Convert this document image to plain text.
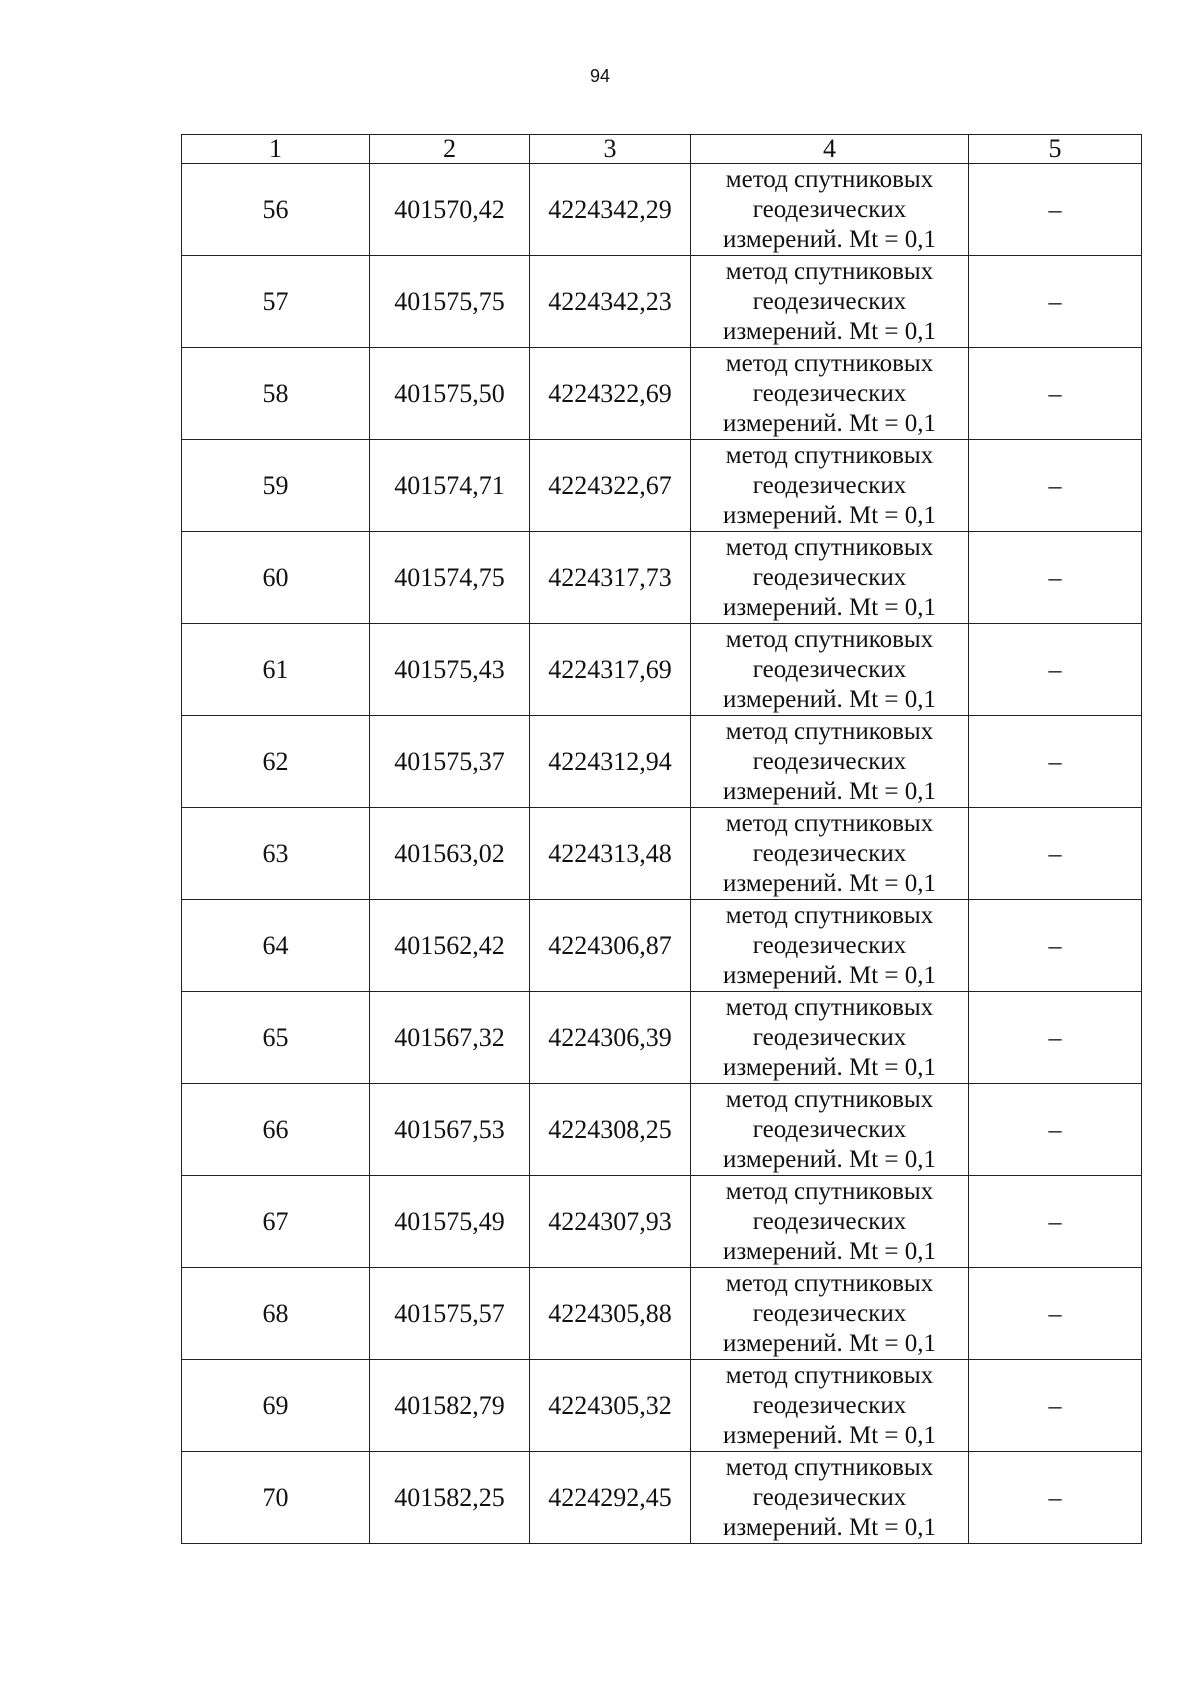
94
1	2	3	4	5
56	401570,42	4224342,29	метод спутниковых
геодезических
измерений. Mt = 0,1	–
57	401575,75	4224342,23	метод спутниковых
геодезических
измерений. Mt = 0,1	–
58	401575,50	4224322,69	метод спутниковых
геодезических
измерений. Mt = 0,1	–
59	401574,71	4224322,67	метод спутниковых
геодезических
измерений. Mt = 0,1	–
60	401574,75	4224317,73	метод спутниковых
геодезических
измерений. Mt = 0,1	–
61	401575,43	4224317,69	метод спутниковых
геодезических
измерений. Mt = 0,1	–
62	401575,37	4224312,94	метод спутниковых
геодезических
измерений. Mt = 0,1	–
63	401563,02	4224313,48	метод спутниковых
геодезических
измерений. Mt = 0,1	–
64	401562,42	4224306,87	метод спутниковых
геодезических
измерений. Mt = 0,1	–
65	401567,32	4224306,39	метод спутниковых
геодезических
измерений. Mt = 0,1	–
66	401567,53	4224308,25	метод спутниковых
геодезических
измерений. Mt = 0,1	–
67	401575,49	4224307,93	метод спутниковых
геодезических
измерений. Mt = 0,1	–
68	401575,57	4224305,88	метод спутниковых
геодезических
измерений. Mt = 0,1	–
69	401582,79	4224305,32	метод спутниковых
геодезических
измерений. Mt = 0,1	–
70	401582,25	4224292,45	метод спутниковых
геодезических
измерений. Mt = 0,1	–
